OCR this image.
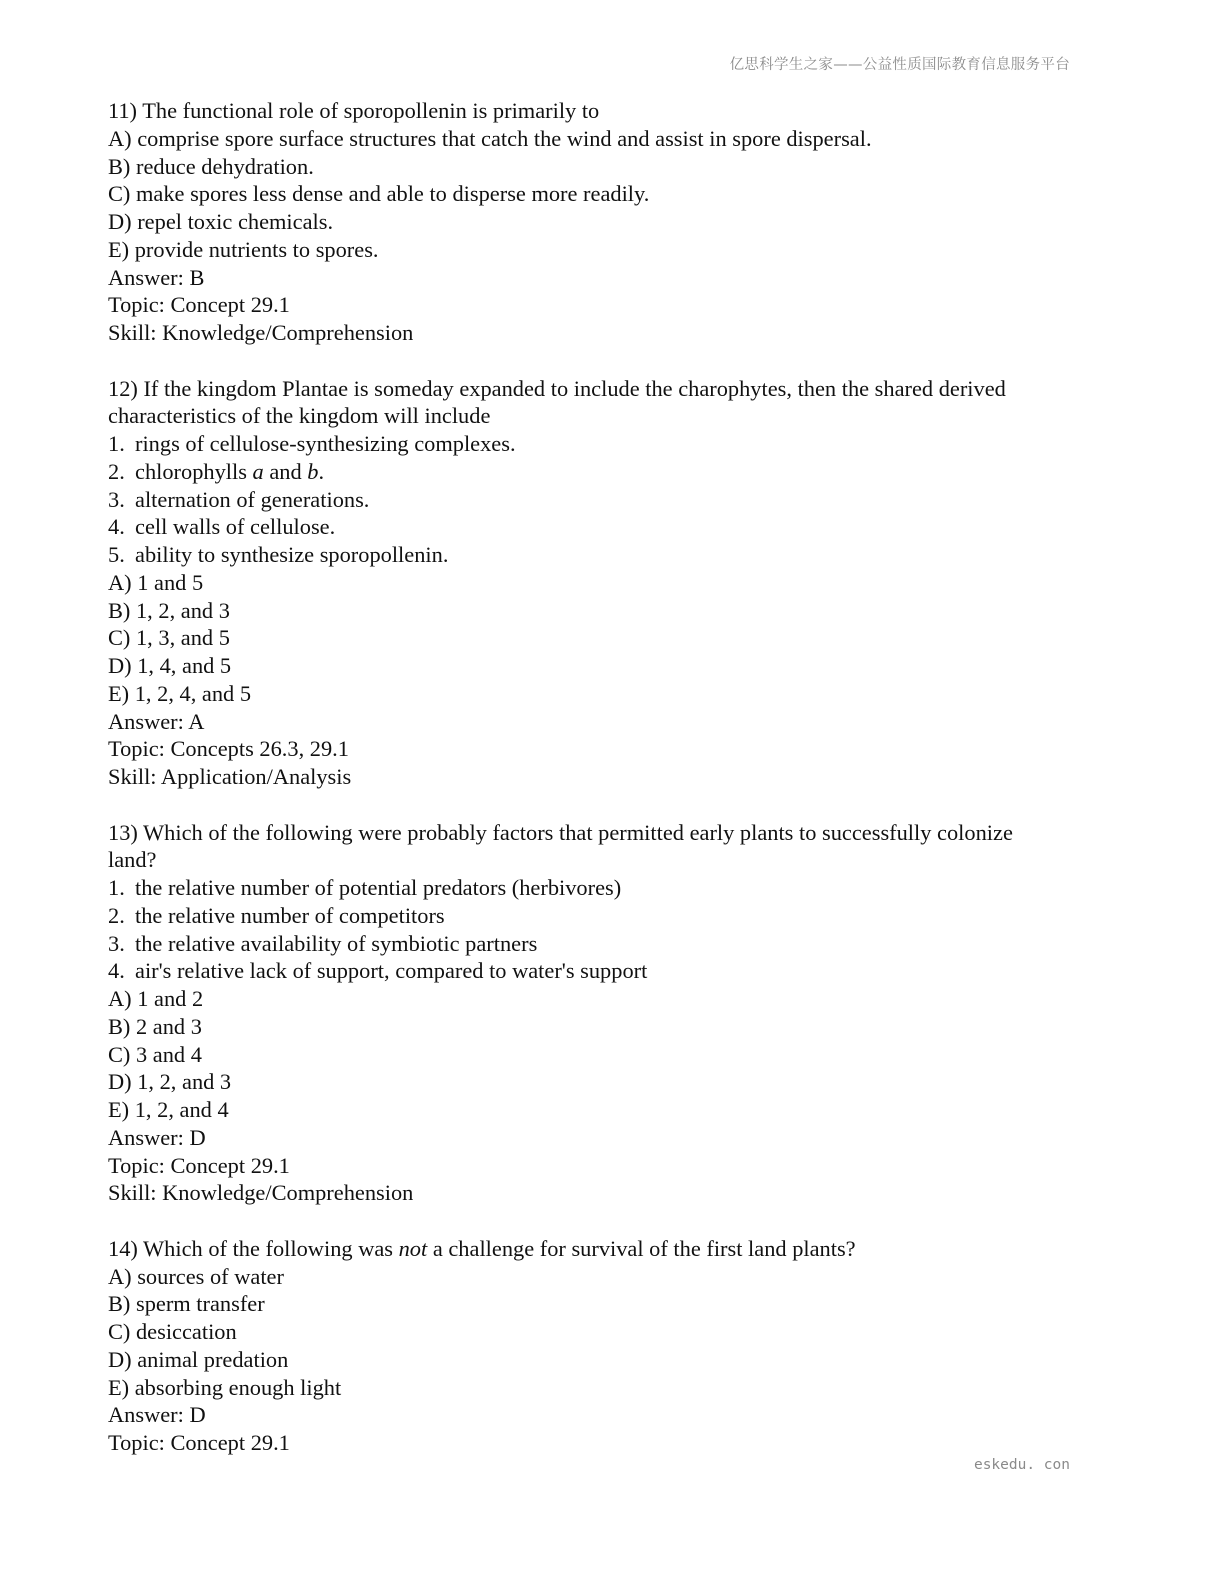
亿思科学生之家——公益性质国际教育信息服务平台
11) The functional role of sporopollenin is primarily to
A) comprise spore surface structures that catch the wind and assist in spore dispersal.
B) reduce dehydration.
C) make spores less dense and able to disperse more readily.
D) repel toxic chemicals.
E) provide nutrients to spores.
Answer: B
Topic: Concept 29.1
Skill: Knowledge/Comprehension
12) If the kingdom Plantae is someday expanded to include the charophytes, then the shared derived characteristics of the kingdom will include
1. rings of cellulose-synthesizing complexes.
2. chlorophylls a and b.
3. alternation of generations.
4. cell walls of cellulose.
5. ability to synthesize sporopollenin.
A) 1 and 5
B) 1, 2, and 3
C) 1, 3, and 5
D) 1, 4, and 5
E) 1, 2, 4, and 5
Answer: A
Topic: Concepts 26.3, 29.1
Skill: Application/Analysis
13) Which of the following were probably factors that permitted early plants to successfully colonize
land?
1. the relative number of potential predators (herbivores)
2. the relative number of competitors
3. the relative availability of symbiotic partners
4. air's relative lack of support, compared to water's support
A) 1 and 2
B) 2 and 3
C) 3 and 4
D) 1, 2, and 3
E) 1, 2, and 4
Answer: D
Topic: Concept 29.1
Skill: Knowledge/Comprehension
14) Which of the following was not a challenge for survival of the first land plants?
A) sources of water
B) sperm transfer
C) desiccation
D) animal predation
E) absorbing enough light
Answer: D
Topic: Concept 29.1
eskedu. con
